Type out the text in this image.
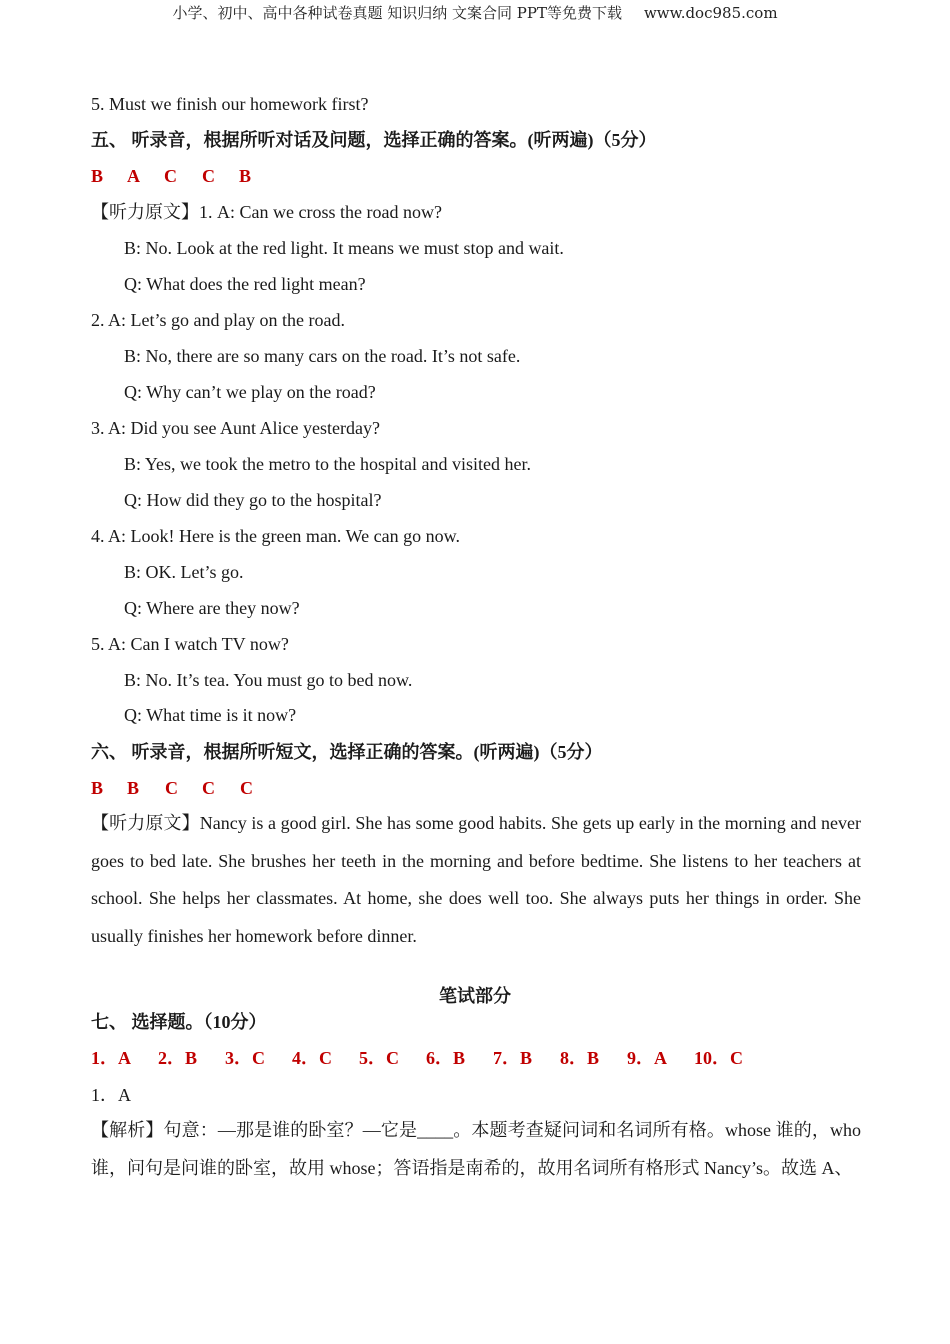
小学、初中、高中各种试卷真题 知识归纳 文案合同 PPT等免费下载 www.doc985.com
5. Must we finish our homework first?
五、 听录音，根据所听对话及问题，选择正确的答案。(听两遍)（5分）
B A C C B
【听力原文】1. A: Can we cross the road now?
B: No. Look at the red light. It means we must stop and wait.
Q: What does the red light mean?
2. A: Let’s go and play on the road.
B: No, there are so many cars on the road. It’s not safe.
Q: Why can’t we play on the road?
3. A: Did you see Aunt Alice yesterday?
B: Yes, we took the metro to the hospital and visited her.
Q: How did they go to the hospital?
4. A: Look! Here is the green man. We can go now.
B: OK. Let’s go.
Q: Where are they now?
5. A: Can I watch TV now?
B: No. It’s tea. You must go to bed now.
Q: What time is it now?
六、 听录音，根据所听短文，选择正确的答案。(听两遍)（5分）
B B C C C
【听力原文】Nancy is a good girl. She has some good habits. She gets up early in the morning and never goes to bed late. She brushes her teeth in the morning and before bedtime. She listens to her teachers at school. She helps her classmates. At home, she does well too. She always puts her things in order. She usually finishes her homework before dinner.
笔试部分
七、 选择题。（10分）
1．A 2．B 3．C 4．C 5．C 6．B 7．B 8．B 9．A 10．C
1．A
【解析】句意：—那是谁的卧室？—它是____。本题考查疑问词和名词所有格。whose 谁的，who 谁，问句是问谁的卧室，故用 whose；答语指是南希的，故用名词所有格形式 Nancy’s。故选 A、
